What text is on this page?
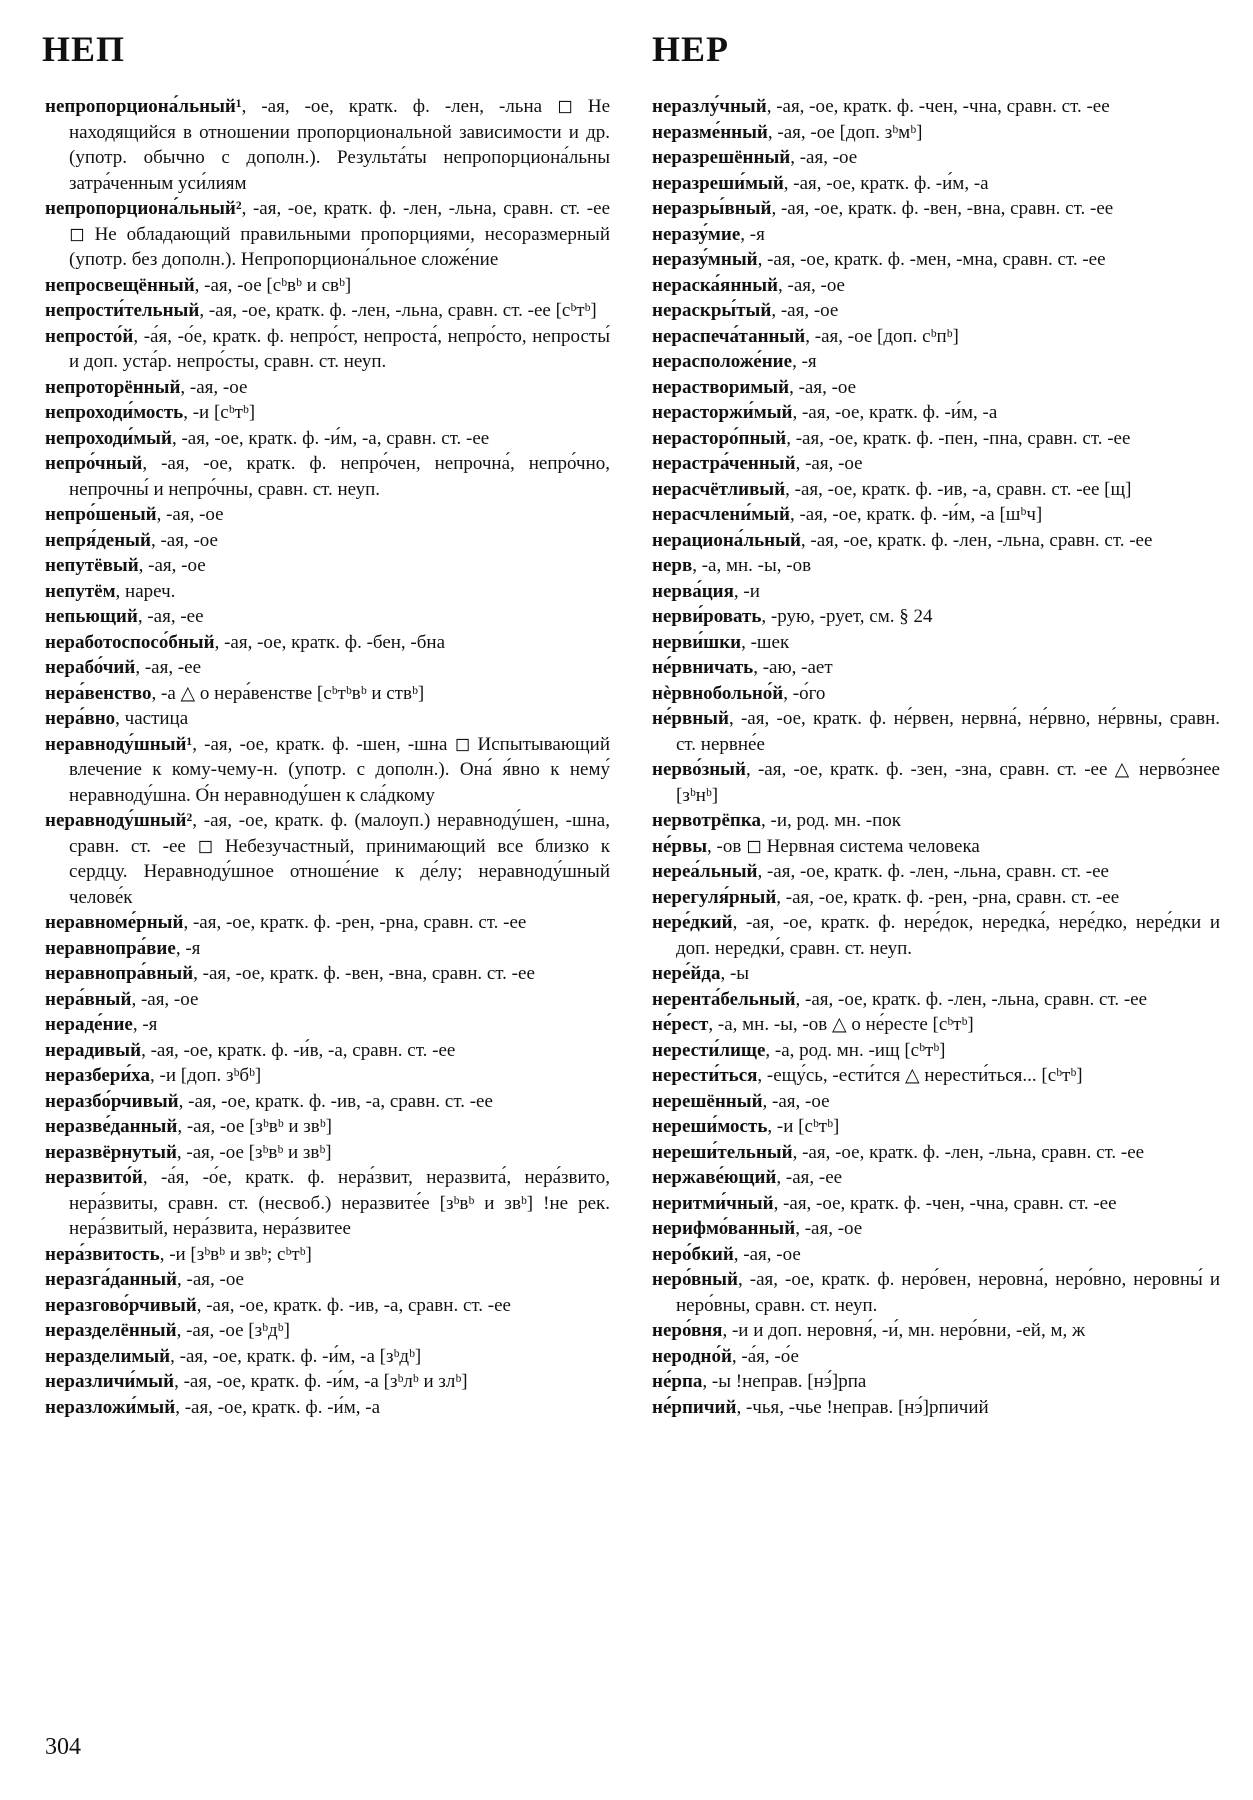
НЕП	НЕР
непропорциона́льный¹, -ая, -ое, кратк. ф. -лен, -льна ◻ Не находящийся в отношении пропорциональной зависимости и др. (употр. обычно с дополн.). Результа́ты непропорциона́льны затра́ченным уси́лиям
непропорциона́льный², -ая, -ое, кратк. ф. -лен, -льна, сравн. ст. -ее ◻ Не обладающий правильными пропорциями, несоразмерный (употр. без дополн.). Непропорциона́льное сложе́ние
непросвещённый, -ая, -ое [сᵇвᵇ и свᵇ]
непрости́тельный, -ая, -ое, кратк. ф. -лен, -льна, сравн. ст. -ее [сᵇтᵇ]
непросто́й, -а́я, -о́е, кратк. ф. непро́ст, непроста́, непро́сто, непросты́ и доп. уста́р. непро́сты, сравн. ст. неуп.
непроторённый, -ая, -ое
непроходи́мость, -и [сᵇтᵇ]
непроходи́мый, -ая, -ое, кратк. ф. -и́м, -а, сравн. ст. -ее
непро́чный, -ая, -ое, кратк. ф. непро́чен, непрочна́, непро́чно, непрочны́ и непро́чны, сравн. ст. неуп.
непро́шеный, -ая, -ое
непря́деный, -ая, -ое
непутёвый, -ая, -ое
непутём, нареч.
непьющий, -ая, -ее
неработоспосо́бный, -ая, -ое, кратк. ф. -бен, -бна
нерабо́чий, -ая, -ее
нера́венство, -а △ о нера́венстве [сᵇтᵇвᵇ и ствᵇ]
нера́вно, частица
неравноду́шный¹, -ая, -ое, кратк. ф. -шен, -шна ◻ Испытывающий влечение к кому-чему-н. (употр. с дополн.). Она́ я́вно к нему́ неравноду́шна. О́н неравноду́шен к сла́дкому
неравноду́шный², -ая, -ое, кратк. ф. (малоуп.) неравноду́шен, -шна, сравн. ст. -ее ◻ Небезучастный, принимающий все близко к сердцу. Неравноду́шное отноше́ние к де́лу; неравноду́шный челове́к
неравноме́рный, -ая, -ое, кратк. ф. -рен, -рна, сравн. ст. -ее
неравнопра́вие, -я
неравнопра́вный, -ая, -ое, кратк. ф. -вен, -вна, сравн. ст. -ее
нера́вный, -ая, -ое
нераде́ние, -я
нерадивый, -ая, -ое, кратк. ф. -и́в, -а, сравн. ст. -ее
неразбери́ха, -и [доп. зᵇбᵇ]
неразбо́рчивый, -ая, -ое, кратк. ф. -ив, -а, сравн. ст. -ее
неразве́данный, -ая, -ое [зᵇвᵇ и звᵇ]
неразвёрнутый, -ая, -ое [зᵇвᵇ и звᵇ]
неразвито́й, -а́я, -о́е, кратк. ф. нера́звит, неразвита́, нера́звито, нера́звиты, сравн. ст. (несвоб.) неразвите́е [зᵇвᵇ и звᵇ] !не рек. нера́звитый, нера́звита, нера́звитее
нера́звитость, -и [зᵇвᵇ и звᵇ; сᵇтᵇ]
неразга́данный, -ая, -ое
неразгово́рчивый, -ая, -ое, кратк. ф. -ив, -а, сравн. ст. -ее
неразделённый, -ая, -ое [зᵇдᵇ]
неразделимый, -ая, -ое, кратк. ф. -и́м, -а [зᵇдᵇ]
неразличи́мый, -ая, -ое, кратк. ф. -и́м, -а [зᵇлᵇ и злᵇ]
неразложи́мый, -ая, -ое, кратк. ф. -и́м, -а
неразлу́чный, -ая, -ое, кратк. ф. -чен, -чна, сравн. ст. -ее
неразме́нный, -ая, -ое [доп. зᵇмᵇ]
неразрешённый, -ая, -ое
неразреши́мый, -ая, -ое, кратк. ф. -и́м, -а
неразры́вный, -ая, -ое, кратк. ф. -вен, -вна, сравн. ст. -ее
неразу́мие, -я
неразу́мный, -ая, -ое, кратк. ф. -мен, -мна, сравн. ст. -ее
нераска́янный, -ая, -ое
нераскры́тый, -ая, -ое
нераспеча́танный, -ая, -ое [доп. сᵇпᵇ]
нерасположе́ние, -я
нерастворимый, -ая, -ое
нерасторжи́мый, -ая, -ое, кратк. ф. -и́м, -а
нерасторо́пный, -ая, -ое, кратк. ф. -пен, -пна, сравн. ст. -ее
нерастра́ченный, -ая, -ое
нерасчётливый, -ая, -ое, кратк. ф. -ив, -а, сравн. ст. -ее [щ]
нерасчлени́мый, -ая, -ое, кратк. ф. -и́м, -а [шᵇч]
нерациона́льный, -ая, -ое, кратк. ф. -лен, -льна, сравн. ст. -ее
нерв, -а, мн. -ы, -ов
нерва́ция, -и
нерви́ровать, -рую, -рует, см. § 24
нерви́шки, -шек
не́рвничать, -аю, -ает
нѐрвнобольно́й, -о́го
не́рвный, -ая, -ое, кратк. ф. не́рвен, нервна́, не́рвно, не́рвны, сравн. ст. нервне́е
нерво́зный, -ая, -ое, кратк. ф. -зен, -зна, сравн. ст. -ее △ нерво́знее [зᵇнᵇ]
нервотрёпка, -и, род. мн. -пок
не́рвы, -ов ◻ Нервная система человека
нереа́льный, -ая, -ое, кратк. ф. -лен, -льна, сравн. ст. -ее
нерегуля́рный, -ая, -ое, кратк. ф. -рен, -рна, сравн. ст. -ее
нере́дкий, -ая, -ое, кратк. ф. нере́док, нередка́, нере́дко, нере́дки и доп. нередки́, сравн. ст. неуп.
нере́йда, -ы
нерента́бельный, -ая, -ое, кратк. ф. -лен, -льна, сравн. ст. -ее
не́рест, -а, мн. -ы, -ов △ о не́ресте [сᵇтᵇ]
нерести́лище, -а, род. мн. -ищ [сᵇтᵇ]
нерести́ться, -ещу́сь, -ести́тся △ нерести́ться... [сᵇтᵇ]
нерешённый, -ая, -ое
нереши́мость, -и [сᵇтᵇ]
нереши́тельный, -ая, -ое, кратк. ф. -лен, -льна, сравн. ст. -ее
нержаве́ющий, -ая, -ее
неритми́чный, -ая, -ое, кратк. ф. -чен, -чна, сравн. ст. -ее
нерифмо́ванный, -ая, -ое
неро́бкий, -ая, -ое
неро́вный, -ая, -ое, кратк. ф. неро́вен, неровна́, неро́вно, неровны́ и неро́вны, сравн. ст. неуп.
неро́вня, -и и доп. неровня́, -и́, мн. неро́вни, -ей, м, ж
неродно́й, -а́я, -о́е
не́рпа, -ы !неправ. [нэ́]рпа
не́рпичий, -чья, -чье !неправ. [нэ́]рпичий
304
